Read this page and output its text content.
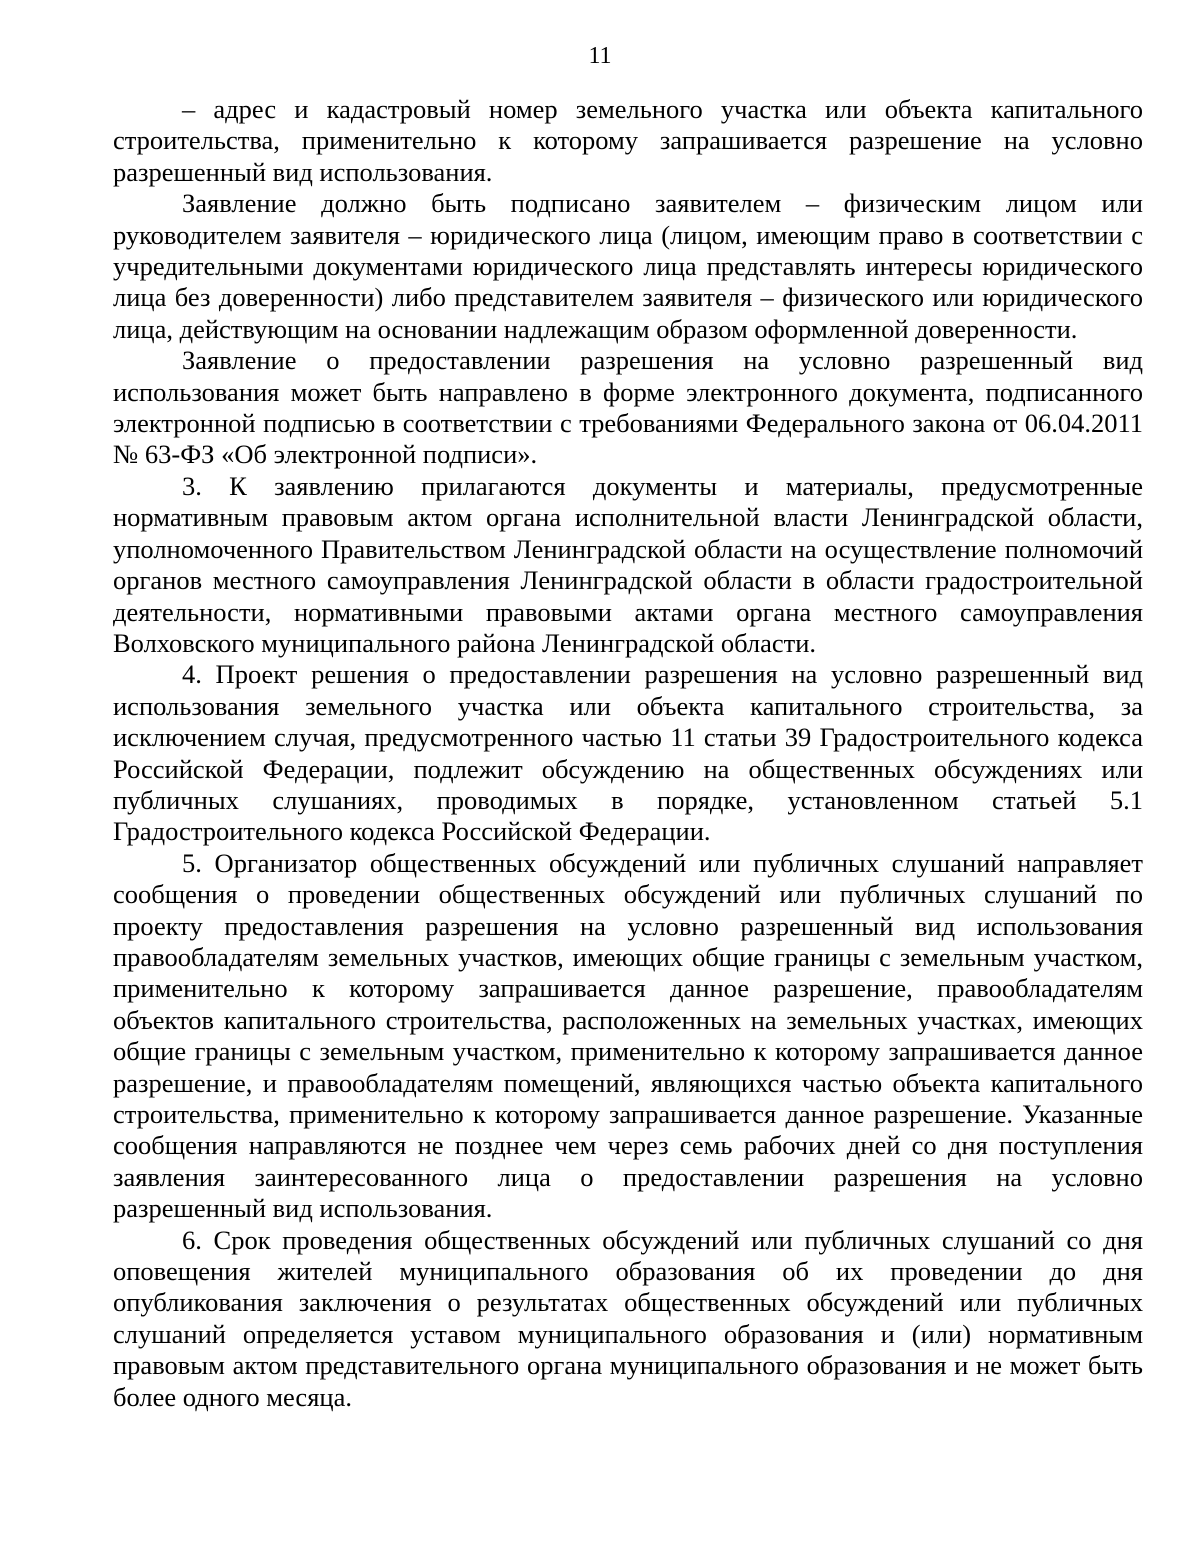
11

– адрес и кадастровый номер земельного участка или объекта капитального строительства, применительно к которому запрашивается разрешение на условно разрешенный вид использования.

Заявление должно быть подписано заявителем – физическим лицом или руководителем заявителя – юридического лица (лицом, имеющим право в соответствии с учредительными документами юридического лица представлять интересы юридического лица без доверенности) либо представителем заявителя – физического или юридического лица, действующим на основании надлежащим образом оформленной доверенности.

Заявление о предоставлении разрешения на условно разрешенный вид использования может быть направлено в форме электронного документа, подписанного электронной подписью в соответствии с требованиями Федерального закона от 06.04.2011 № 63-ФЗ «Об электронной подписи».

3. К заявлению прилагаются документы и материалы, предусмотренные нормативным правовым актом органа исполнительной власти Ленинградской области, уполномоченного Правительством Ленинградской области на осуществление полномочий органов местного самоуправления Ленинградской области в области градостроительной деятельности, нормативными правовыми актами органа местного самоуправления Волховского муниципального района Ленинградской области.

4. Проект решения о предоставлении разрешения на условно разрешенный вид использования земельного участка или объекта капитального строительства, за исключением случая, предусмотренного частью 11 статьи 39 Градостроительного кодекса Российской Федерации, подлежит обсуждению на общественных обсуждениях или публичных слушаниях, проводимых в порядке, установленном статьей 5.1 Градостроительного кодекса Российской Федерации.

5. Организатор общественных обсуждений или публичных слушаний направляет сообщения о проведении общественных обсуждений или публичных слушаний по проекту предоставления разрешения на условно разрешенный вид использования правообладателям земельных участков, имеющих общие границы с земельным участком, применительно к которому запрашивается данное разрешение, правообладателям объектов капитального строительства, расположенных на земельных участках, имеющих общие границы с земельным участком, применительно к которому запрашивается данное разрешение, и правообладателям помещений, являющихся частью объекта капитального строительства, применительно к которому запрашивается данное разрешение. Указанные сообщения направляются не позднее чем через семь рабочих дней со дня поступления заявления заинтересованного лица о предоставлении разрешения на условно разрешенный вид использования.

6. Срок проведения общественных обсуждений или публичных слушаний со дня оповещения жителей муниципального образования об их проведении до дня опубликования заключения о результатах общественных обсуждений или публичных слушаний определяется уставом муниципального образования и (или) нормативным правовым актом представительного органа муниципального образования и не может быть более одного месяца.
